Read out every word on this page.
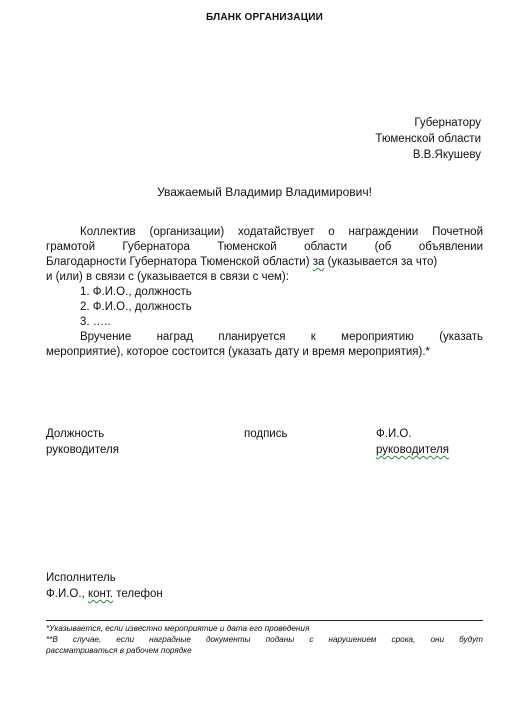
БЛАНК ОРГАНИЗАЦИИ
Губернатору
Тюменской области
В.В.Якушеву
Уважаемый Владимир Владимирович!
Коллектив (организации) ходатайствует о награждении Почетной
грамотой Губернатора Тюменской области (об объявлении
Благодарности Губернатора Тюменской области) за (указывается за что)
и (или) в связи с (указывается в связи с чем):
1. Ф.И.О., должность
2. Ф.И.О., должность
3. …..
Вручение наград планируется к мероприятию (указать
мероприятие), которое состоится (указать дату и время мероприятия).*
Должность
руководителя
подпись	Ф.И.О.
руководителя
Исполнитель
Ф.И.О., конт. телефон
*Указывается, если известно мероприятие и дата его проведения
**В случае, если наградные документы поданы с нарушением срока, они будут
рассматриваться в рабочем порядке
